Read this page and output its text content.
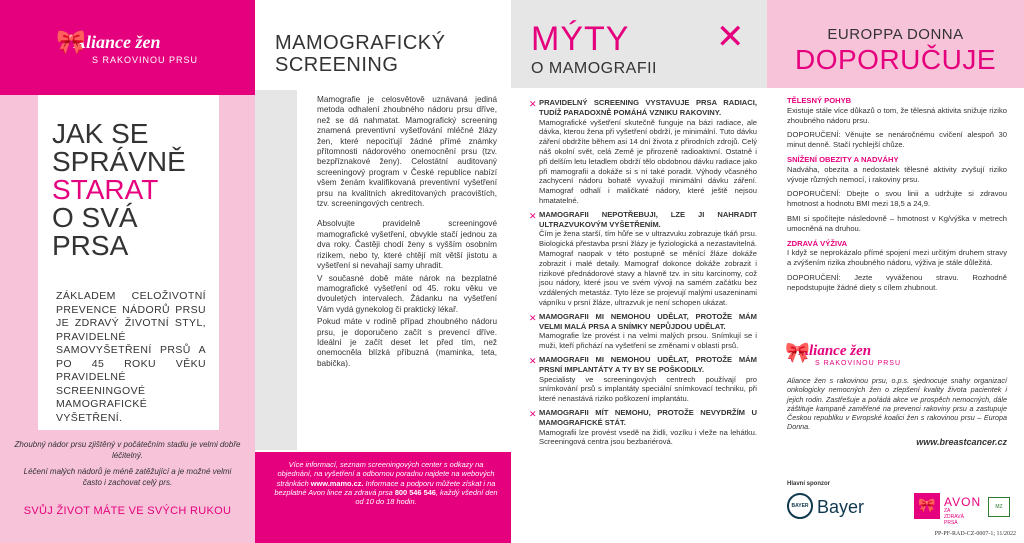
🎀
Aliance žen
S RAKOVINOU PRSU
JAK SE
SPRÁVNĚ
STARAT
O SVÁ PRSA
ZÁKLADEM CELOŽIVOTNÍ PREVENCE NÁDORŮ PRSU JE ZDRAVÝ ŽIVOTNÍ STYL, PRAVIDELNÉ SAMOVYŠETŘENÍ PRSŮ A PO 45 ROKU VĚKU PRAVIDELNÉ SCREENINGOVÉ MAMOGRAFICKÉ VYŠETŘENÍ.

Zhoubný nádor prsu zjištěný v počátečním stadiu je velmi dobře léčitelný.

Léčení malých nádorů je méně zatěžující a je možné velmi často i zachovat celý prs.

SVŮJ ŽIVOT MÁTE VE SVÝCH RUKOU
MAMOGRAFICKÝ
SCREENING

Mamografie je celosvětově uznávaná jediná metoda odhalení zhoubného nádoru prsu dříve, než se dá nahmatat. Mamografický screening znamená preventivní vyšetřování mléčné žlázy žen, které nepociťují žádné přímé známky přítomnosti nádorového onemocnění prsu (tzv. bezpříznakové ženy). Celostátní auditovaný screeningový program v České republice nabízí všem ženám kvalifikovaná preventivní vyšetření prsu na kvalitních akreditovaných pracovištích, tzv. screeningových centrech.

Absolvujte pravidelně screeningové mamografické vyšetření, obvykle stačí jednou za dva roky. Častěji chodí ženy s vyšším osobním rizikem, nebo ty, které chtějí mít větší jistotu a vyšetření si nevahají samy uhradit.

V současné době máte nárok na bezplatné mamografické vyšetření od 45. roku věku ve dvouletých intervalech. Žádanku na vyšetření Vám vydá gynekolog či praktický lékař.

Pokud máte v rodině případ zhoubného nádoru prsu, je doporučeno začít s prevencí dříve. Ideální je začít deset let před tím, než onemocněla blízká příbuzná (maminka, teta, babička).

Více informací, seznam screeningových center s odkazy na objednání, na vyšetření a odbornou poradnu najdete na webových stránkách www.mamo.cz. Informace a podporu můžete získat i na bezplatné Avon lince za zdravá prsa 800 546 546, každý všední den od 10 do 18 hodin.
MÝTY
O MAMOGRAFII
✕
✕ PRAVIDELNÝ SCREENING VYSTAVUJE PRSA RADIACI, TUDÍŽ PARADOXNĚ POMÁHÁ VZNIKU RAKOVINY.
Mamografické vyšetření skutečně funguje na bázi radiace, ale dávka, kterou žena při vyšetření obdrží, je minimální. Tuto dávku záření obdržíte během asi 14 dní života z přirodních zdrojů. Celý náš okolní svět, celá Země je přirozeně radioaktivní. Ostatně i při delším letu letadlem obdrží tělo obdobnou dávku radiace jako při mamografii a dokáže si s ní také poradit. Výhody včasného zachycení nádoru bohatě vyvažují minimální dávku záření. Mamograf odhalí i maličkaté nádory, které ještě nejsou hmatatelné.
✕ MAMOGRAFII NEPOTŘEBUJI, LZE JI NAHRADIT ULTRAZVUKOVÝM VYŠETŘENÍM.
Čím je žena starší, tím hůře se v ultrazvuku zobrazuje tkáň prsu. Biologická přestavba prsní žlázy je fyziologická a nezastavitelná. Mamograf naopak v této postupně se měnící žláze dokáže zobrazit i malé detaily. Mamograf dokonce dokáže zobrazit i rizikové přednádorové stavy a hlavně tzv. in situ karcinomy, což jsou nádory, které jsou ve svém vývoji na samém začátku bez vzdálených metastáz. Tyto léze se projevují malými usazeninami vápníku v prsní žláze, ultrazvuk je není schopen ukázat.
✕ MAMOGRAFII MI NEMOHOU UDĚLAT, PROTOŽE MÁM VELMI MALÁ PRSA A SNÍMKY NEPŮJDOU UDĚLAT.
Mamografie lze provést i na velmi malých prsou. Snímkují se i muži, kteří přichází na vyšetření se změnami v oblasti prsů.
✕ MAMOGRAFII MI NEMOHOU UDĚLAT, PROTOŽE MÁM PRSNÍ IMPLANTÁTY A TY BY SE POŠKODILY.
Specialisty ve screeningových centrech používají pro snímkování prsů s implantáty speciální snímkovací techniku, při které nenastává riziko poškození implantátu.
✕ MAMOGRAFII MÍT NEMOHU, PROTOŽE NEVYDRŽÍM U MAMOGRAFICKÉ STÁT.
Mamografii lze provést vsedě na židli, vozíku i vleže na lehátku. Screeningová centra jsou bezbariérová.
EUROPPA DONNA
DOPORUČUJE
TĚLESNÝ POHYB

Existuje stále více důkazů o tom, že tělesná aktivita snižuje riziko zhoubného nádoru prsu.

DOPORUČENÍ: Věnujte se nenáročnému cvičení alespoň 30 minut denně. Stačí rychlejší chůze.

SNÍŽENÍ OBEZITY A NADVÁHY

Nadváha, obezita a nedostatek tělesné aktivity zvyšují riziko vývoje různých nemocí, i rakoviny prsu.

DOPORUČENÍ: Dbejte o svou linii a udržujte si zdravou hmotnost a hodnotu BMI mezi 18,5 a 24,9.

BMI si spočítejte následovně – hmotnost v Kg/výška v metrech umocněná na druhou.

ZDRAVÁ VÝŽIVA

I když se neprokázalo přímé spojení mezi určitým druhem stravy a zvýšením rizika zhoubného nádoru, výživa je stále důležitá.

DOPORUČENÍ: Jezte vyváženou stravu. Rozhodně nepodstupujte žádné diety s cílem zhubnout.

🎀
Aliance žen
S RAKOVINOU PRSU
Aliance žen s rakovinou prsu, o.p.s. sjednocuje snahy organizací onkologicky nemocných žen o zlepšení kvality života pacientek i jejich rodin. Zastřešuje a pořádá akce ve prospěch nemocných, dále záštituje kampaně zaměřené na prevenci rakoviny prsu a zastupuje Českou republiku v Evropské koalici žen s rakovinou prsu – Europa Donna.
www.breastcancer.cz
Hlavní sponzor
BAYER Bayer	🎀 AVON
ZA ZDRAVÁ PRSA
MZ
PP-PF-RAD-CZ-0007-1; 11/2022
